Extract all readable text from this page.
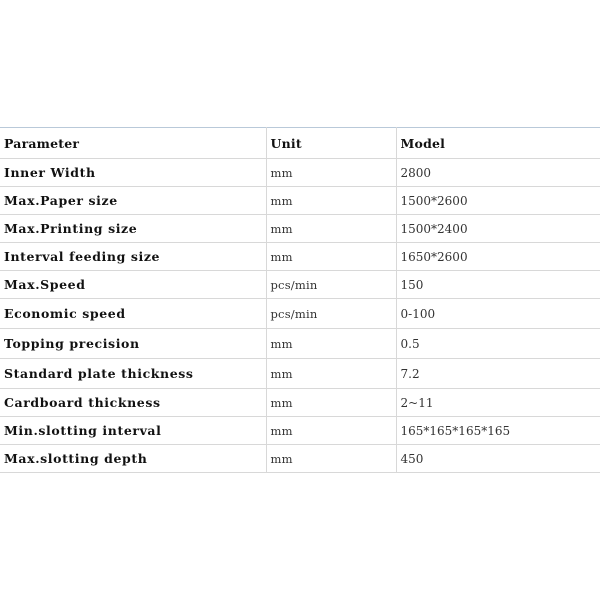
Parameter	Unit	Model
Inner Width	mm	2800
Max.Paper size	mm	1500*2600
Max.Printing size	mm	1500*2400
Interval feeding size	mm	1650*2600
Max.Speed	pcs/min	150
Economic speed	pcs/min	0-100
Topping precision	mm	0.5
Standard plate thickness	mm	7.2
Cardboard thickness	mm	2~11
Min.slotting interval	mm	165*165*165*165
Max.slotting depth	mm	450
